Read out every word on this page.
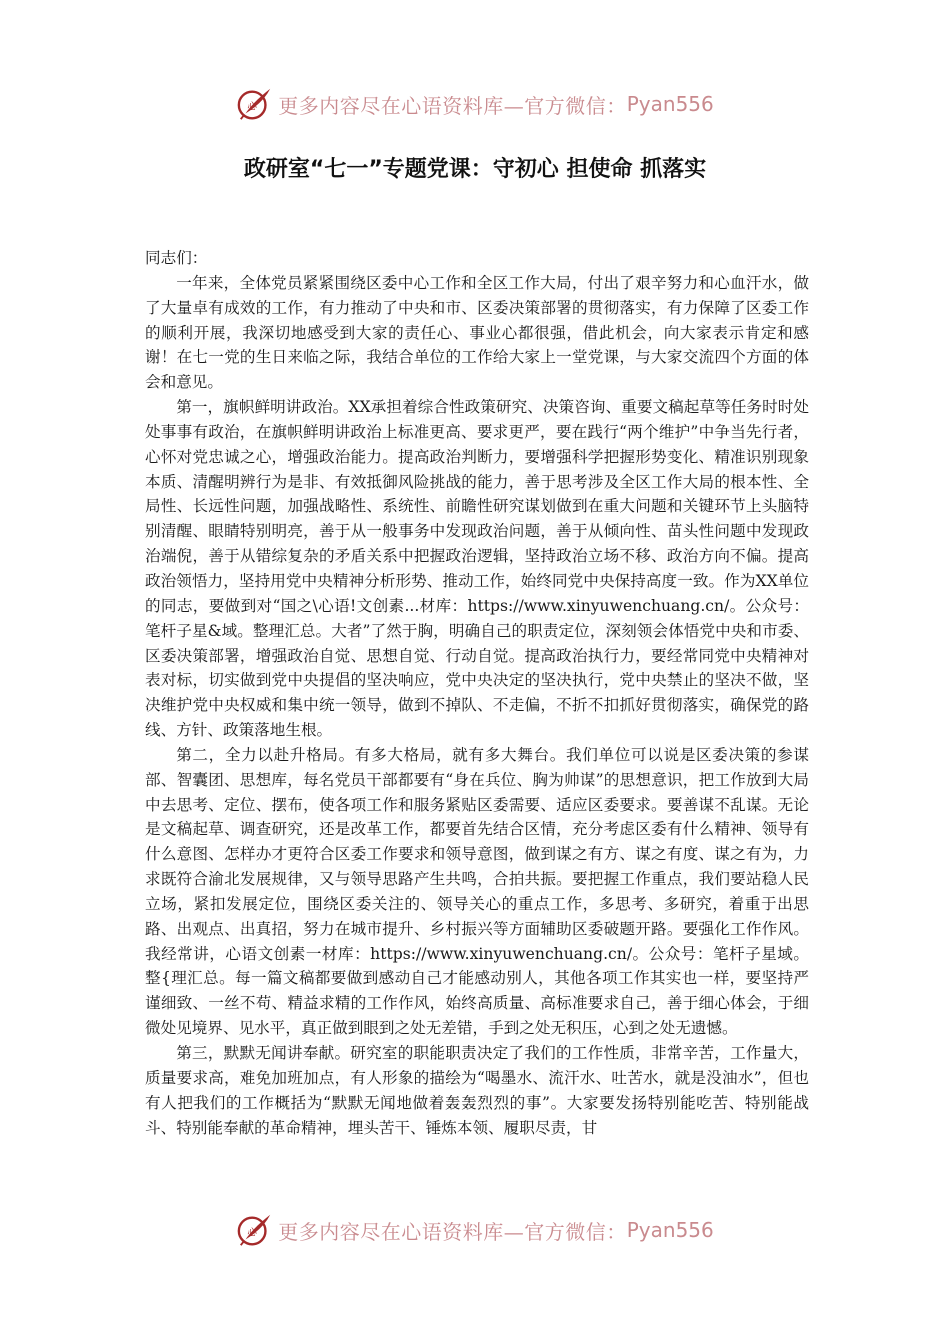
心 更多内容尽在心语资料库—官方微信： Pyan556
政研室“七一”专题党课：守初心 担使命 抓落实

同志们：

一年来，全体党员紧紧围绕区委中心工作和全区工作大局，付出了艰辛努力和心血汗水，做了大量卓有成效的工作，有力推动了中央和市、区委决策部署的贯彻落实，有力保障了区委工作的顺利开展，我深切地感受到大家的责任心、事业心都很强，借此机会，向大家表示肯定和感谢！在七一党的生日来临之际，我结合单位的工作给大家上一堂党课，与大家交流四个方面的体会和意见。

第一，旗帜鲜明讲政治。XX承担着综合性政策研究、决策咨询、重要文稿起草等任务时时处处事事有政治，在旗帜鲜明讲政治上标准更高、要求更严，要在践行“两个维护”中争当先行者，心怀对党忠诚之心，增强政治能力。提高政治判断力，要增强科学把握形势变化、精准识别现象本质、清醒明辨行为是非、有效抵御风险挑战的能力，善于思考涉及全区工作大局的根本性、全局性、长远性问题，加强战略性、系统性、前瞻性研究谋划做到在重大问题和关键环节上头脑特别清醒、眼睛特别明亮，善于从一般事务中发现政治问题，善于从倾向性、苗头性问题中发现政治端倪，善于从错综复杂的矛盾关系中把握政治逻辑，坚持政治立场不移、政治方向不偏。提高政治领悟力，坚持用党中央精神分析形势、推动工作，始终同党中央保持高度一致。作为XX单位的同志，要做到对“国之\心语!文创素...材库：https://www.xinyuwenchuang.cn/。公众号：笔杆子星&域。整理汇总。大者”了然于胸，明确自己的职责定位，深刻领会体悟党中央和市委、区委决策部署，增强政治自觉、思想自觉、行动自觉。提高政治执行力，要经常同党中央精神对表对标，切实做到党中央提倡的坚决响应，党中央决定的坚决执行，党中央禁止的坚决不做，坚决维护党中央权威和集中统一领导，做到不掉队、不走偏，不折不扣抓好贯彻落实，确保党的路线、方针、政策落地生根。

第二，全力以赴升格局。有多大格局，就有多大舞台。我们单位可以说是区委决策的参谋部、智囊团、思想库，每名党员干部都要有“身在兵位、胸为帅谋”的思想意识，把工作放到大局中去思考、定位、摆布，使各项工作和服务紧贴区委需要、适应区委要求。要善谋不乱谋。无论是文稿起草、调查研究，还是改革工作，都要首先结合区情，充分考虑区委有什么精神、领导有什么意图、怎样办才更符合区委工作要求和领导意图，做到谋之有方、谋之有度、谋之有为，力求既符合渝北发展规律，又与领导思路产生共鸣，合拍共振。要把握工作重点，我们要站稳人民立场，紧扣发展定位，围绕区委关注的、领导关心的重点工作，多思考、多研究，着重于出思路、出观点、出真招，努力在城市提升、乡村振兴等方面辅助区委破题开路。要强化工作作风。我经常讲，心语文创素一材库：https://www.xinyuwenchuang.cn/。公众号：笔杆子星域。整{理汇总。每一篇文稿都要做到感动自己才能感动别人，其他各项工作其实也一样，要坚持严谨细致、一丝不苟、精益求精的工作作风，始终高质量、高标准要求自己，善于细心体会，于细微处见境界、见水平，真正做到眼到之处无差错，手到之处无积压，心到之处无遗憾。

第三，默默无闻讲奉献。研究室的职能职责决定了我们的工作性质，非常辛苦，工作量大，质量要求高，难免加班加点，有人形象的描绘为“喝墨水、流汗水、吐苦水，就是没油水”，但也有人把我们的工作概括为“默默无闻地做着轰轰烈烈的事”。大家要发扬特别能吃苦、特别能战斗、特别能奉献的革命精神，埋头苦干、锤炼本领、履职尽责，甘

心 更多内容尽在心语资料库—官方微信： Pyan556
